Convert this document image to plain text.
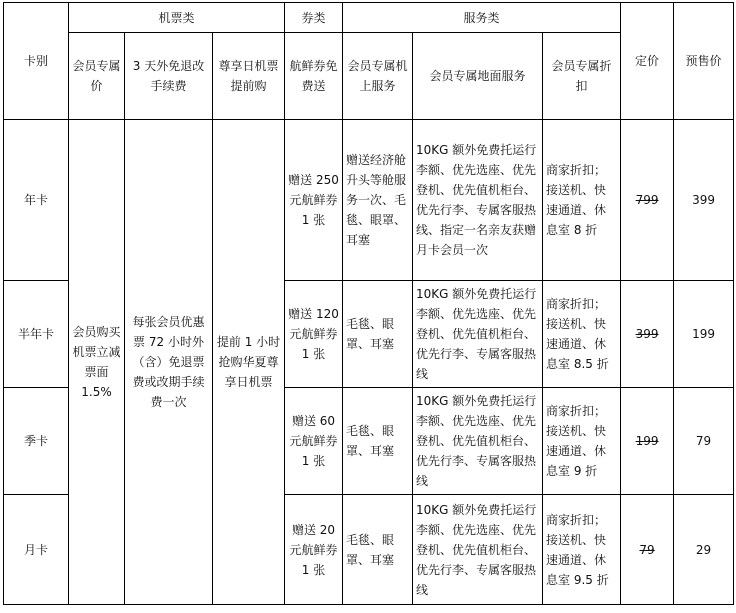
卡别	机票类			券类	服务类			定价	预售价
	会员专属价	3 天外免退改手续费	尊享日机票提前购	航鲜券免费送	会员专属机上服务	会员专属地面服务	会员专属折扣		
年卡	会员购买机票立减票面 1.5%	每张会员优惠票 72 小时外（含）免退票费或改期手续费一次	提前 1 小时抢购华夏尊享日机票	赠送 250 元航鲜券 1 张	赠送经济舱升头等舱服务一次、毛毯、眼罩、耳塞	10KG 额外免费托运行李额、优先选座、优先登机、优先值机柜台、优先行李、专属客服热线、指定一名亲友获赠月卡会员一次	商家折扣；接送机、快速通道、休息室 8 折	799	399
半年卡				赠送 120 元航鲜券 1 张	毛毯、眼罩、耳塞	10KG 额外免费托运行李额、优先选座、优先登机、优先值机柜台、优先行李、专属客服热线	商家折扣；接送机、快速通道、休息室 8.5 折	399	199
季卡				赠送 60 元航鲜券 1 张	毛毯、眼罩、耳塞	10KG 额外免费托运行李额、优先选座、优先登机、优先值机柜台、优先行李、专属客服热线	商家折扣；接送机、快速通道、休息室 9 折	199	79
月卡				赠送 20 元航鲜券 1 张	毛毯、眼罩、耳塞	10KG 额外免费托运行李额、优先选座、优先登机、优先值机柜台、优先行李、专属客服热线	商家折扣；接送机、快速通道、休息室 9.5 折	79	29
